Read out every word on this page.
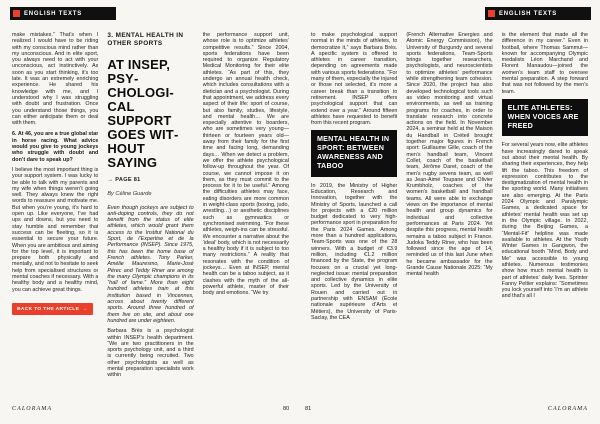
ENGLISH TEXTS	ENGLISH TEXTS

make mistakes.” That’s when I realized I would have to be riding with my conscious mind rather than my unconscious. And in elite sport, you always need to act with your unconscious, act instinctively. As soon as you start thinking, it’s too late. It was an extremely enriching experience. He shared his knowledge with me, and I understood why I was struggling with doubt and frustration. Once you understand those things, you can either anticipate them or deal with them.

6. At 46, you are a true global star in horse racing. What advice would you give to young jockeys who struggle with doubt and don’t dare to speak up?

I believe the most important thing is your support system. I was lucky to be able to talk with my parents and my wife when things weren’t going well. They always knew the right words to reassure and motivate me. But when you’re young, it’s hard to open up. Like everyone, I’ve had ups and downs, but you need to stay humble and remember that success can be fleeting, so it is essential to secure your future. When you are ambitious and aiming for the top level, it is important to prepare both physically and mentally, and not to hesitate to seek help from specialised structures or mental coaches if necessary. With a healthy body and a healthy mind, you can achieve great things.

BACK TO THE ARTICLE →
3. MENTAL HEALTH IN OTHER SPORTS
AT INSEP, PSYCHOLOGICAL SUPPORT GOES WITHOUT SAYING
→ PAGE 81
By Céline Guarde

Even though jockeys are subject to anti-doping controls, they do not benefit from the status of elite athletes, which would grant them access to the Institut National du Sport, de l’Expertise et de la Performance (INSEP). Since 1975, this has been the home base of French athletes. Tony Parker, Amélie Mauresmo, Marie-José Pérec and Teddy Riner are among the many Olympic champions in its “hall of fame.” More than eight hundred athletes train at this institution based in Vincennes, across about twenty different sports. Around three hundred of them live on site, and about one hundred are under eighteen.

Barbara Brès is a psychologist within INSEP’s health department. “We are two practitioners in the sports psychology unit, and a third is currently being recruited. Two other psychologists as well as mental preparation specialists work within

the performance support unit, whose role is to optimize athletes’ competitive results.” Since 2004, sports federations have been required to organize Regulatory Medical Monitoring for their elite athletes. “As part of this, they undergo an annual health check, which includes consultations with a dietician and a psychologist. During that appointment, we address every aspect of their life: sport of course, but also family, studies, lifestyle, and mental health… We are especially attentive to boarders, who are sometimes very young—thirteen or fourteen years old—away from their family for the first time and facing long, demanding days… When we detect a problem, we offer the athlete psychological follow-up throughout the year. Of course, we cannot impose it on them, as they must commit to the process for it to be useful.” Among the difficulties athletes may face, eating disorders are more common in weight-class sports (boxing, judo, wrestling…) or aesthetic disciplines such as gymnastics or synchronised swimming. “For these athletes, weigh-ins can be stressful. We encounter a narrative about the ‘ideal’ body, which is not necessarily a healthy body if it is subject to too many restrictions.” A reality that resonates with the condition of jockeys… Even at INSEP, mental health can be a taboo subject, as it clashes with the myth of the all-powerful athlete, master of their body and emotions. “We try

to make psychological support normal in the minds of athletes, to democratize it,” says Barbara Brès. A specific system is offered to athletes in career transition, depending on agreements made with various sports federations. “For many of them, especially the injured or those not selected, it’s more a career break than a transition to retirement. INSEP offers psychological support that can extend over a year.” Around fifteen athletes have requested to benefit from this recent program.

MENTAL HEALTH IN SPORT: BETWEEN AWARENESS AND TABOO

In 2019, the Ministry of Higher Education, Research and Innovation, together with the Ministry of Sports, launched a call for projects with a €20 million budget dedicated to very high-performance sport in preparation for the Paris 2024 Games. Among more than a hundred applications, Team-Sports was one of the 28 winners. With a budget of €3.9 million, including €1.2 million financed by the State, the program focuses on a crucial yet long-neglected issue: mental preparation and collective dynamics in elite sports. Led by the University of Rouen and carried out in partnership with ENSAM (École nationale supérieure d’Arts et Métiers), the University of Paris-Saclay, the CEA

(French Alternative Energies and Atomic Energy Commission), the University of Burgundy and several sports federations, Team-Sports brings together researchers, psychologists, and neuroscientists to optimize athletes’ performance while strengthening team cohesion. Since 2020, the project has also developed technological tools such as video monitoring and virtual environments, as well as training programs for coaches, in order to translate research into concrete actions on the field. In November 2024, a seminar held at the Maison du Handball in Créteil brought together major figures in French sport: Guillaume Gille, coach of the men’s handball team, Vincent Collet, coach of the basketball team, Jérôme Daret, coach of the men’s rugby sevens team, as well as Jean-Aimé Toupane and Olivier Krumbholz, coaches of the women’s basketball and handball teams. All were able to exchange views on the importance of mental health and group dynamics for individual and collective performances at Paris 2024. Yet despite this progress, mental health remains a taboo subject in France. Judoka Teddy Riner, who has been followed since the age of 14, reminded us of this last June when he became ambassador for the Grande Cause Nationale 2025: “My mental health

is the element that made all the difference in my career.” Even in football, where Thomas Sammut—known for accompanying Olympic medalists Léon Marchand and Florent Manaudou—joined the women’s team staff to oversee mental preparation. A step forward that was not followed by the men’s team.

ELITE ATHLETES: WHEN VOICES ARE FREED

For several years now, elite athletes have increasingly dared to speak out about their mental health. By sharing their experiences, they help lift the taboo. This freedom of expression contributes to the destigmatization of mental health in the sporting world. Many initiatives are also emerging. At the Paris 2024 Olympic and Paralympic Games, a dedicated space for athletes’ mental health was set up in the Olympic village. In 2022, during the Beijing Games, a “Mental-Fit” helpline was made available to athletes. At the Youth Winter Games in Gangwon, the educational booth “Mind, Body and Me” was accessible to young athletes. Numerous testimonies show how much mental health is part of athletes’ daily lives. Sprinter Fanny Peltier explains: “Sometimes you lock yourself into ‘I’m an athlete and that’s all I

CALORAMA	80	81	CALORAMA
